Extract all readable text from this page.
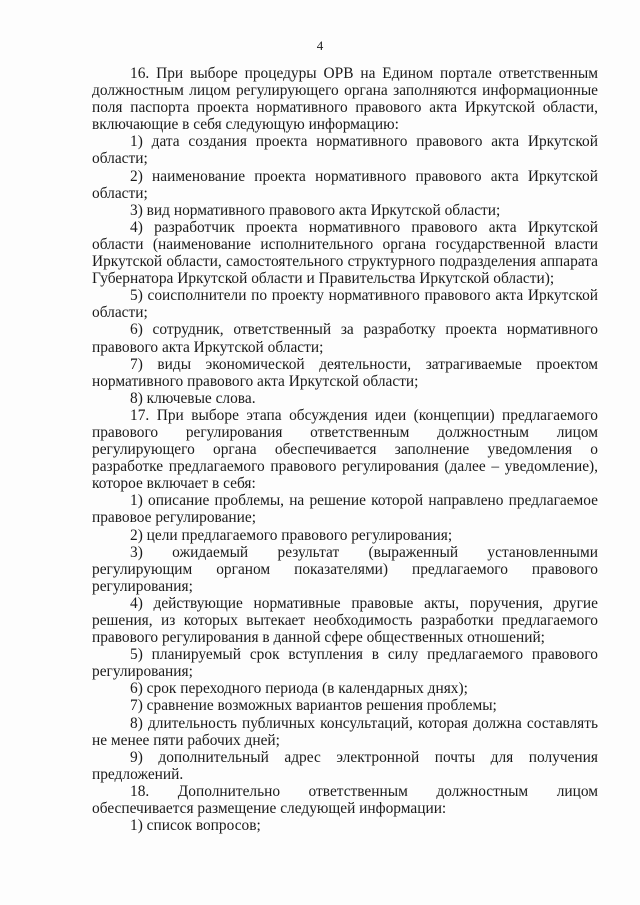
4

16. При выборе процедуры ОРВ на Едином портале ответственным должностным лицом регулирующего органа заполняются информационные поля паспорта проекта нормативного правового акта Иркутской области, включающие в себя следующую информацию:

1) дата создания проекта нормативного правового акта Иркутской области;

2) наименование проекта нормативного правового акта Иркутской области;

3) вид нормативного правового акта Иркутской области;

4) разработчик проекта нормативного правового акта Иркутской области (наименование исполнительного органа государственной власти Иркутской области, самостоятельного структурного подразделения аппарата Губернатора Иркутской области и Правительства Иркутской области);

5) соисполнители по проекту нормативного правового акта Иркутской области;

6) сотрудник, ответственный за разработку проекта нормативного правового акта Иркутской области;

7) виды экономической деятельности, затрагиваемые проектом нормативного правового акта Иркутской области;

8) ключевые слова.

17. При выборе этапа обсуждения идеи (концепции) предлагаемого правового регулирования ответственным должностным лицом регулирующего органа обеспечивается заполнение уведомления о разработке предлагаемого правового регулирования (далее – уведомление), которое включает в себя:

1) описание проблемы, на решение которой направлено предлагаемое правовое регулирование;

2) цели предлагаемого правового регулирования;

3) ожидаемый результат (выраженный установленными регулирующим органом показателями) предлагаемого правового регулирования;

4) действующие нормативные правовые акты, поручения, другие решения, из которых вытекает необходимость разработки предлагаемого правового регулирования в данной сфере общественных отношений;

5) планируемый срок вступления в силу предлагаемого правового регулирования;

6) срок переходного периода (в календарных днях);

7) сравнение возможных вариантов решения проблемы;

8) длительность публичных консультаций, которая должна составлять не менее пяти рабочих дней;

9) дополнительный адрес электронной почты для получения предложений.

18. Дополнительно ответственным должностным лицом обеспечивается размещение следующей информации:

1) список вопросов;
